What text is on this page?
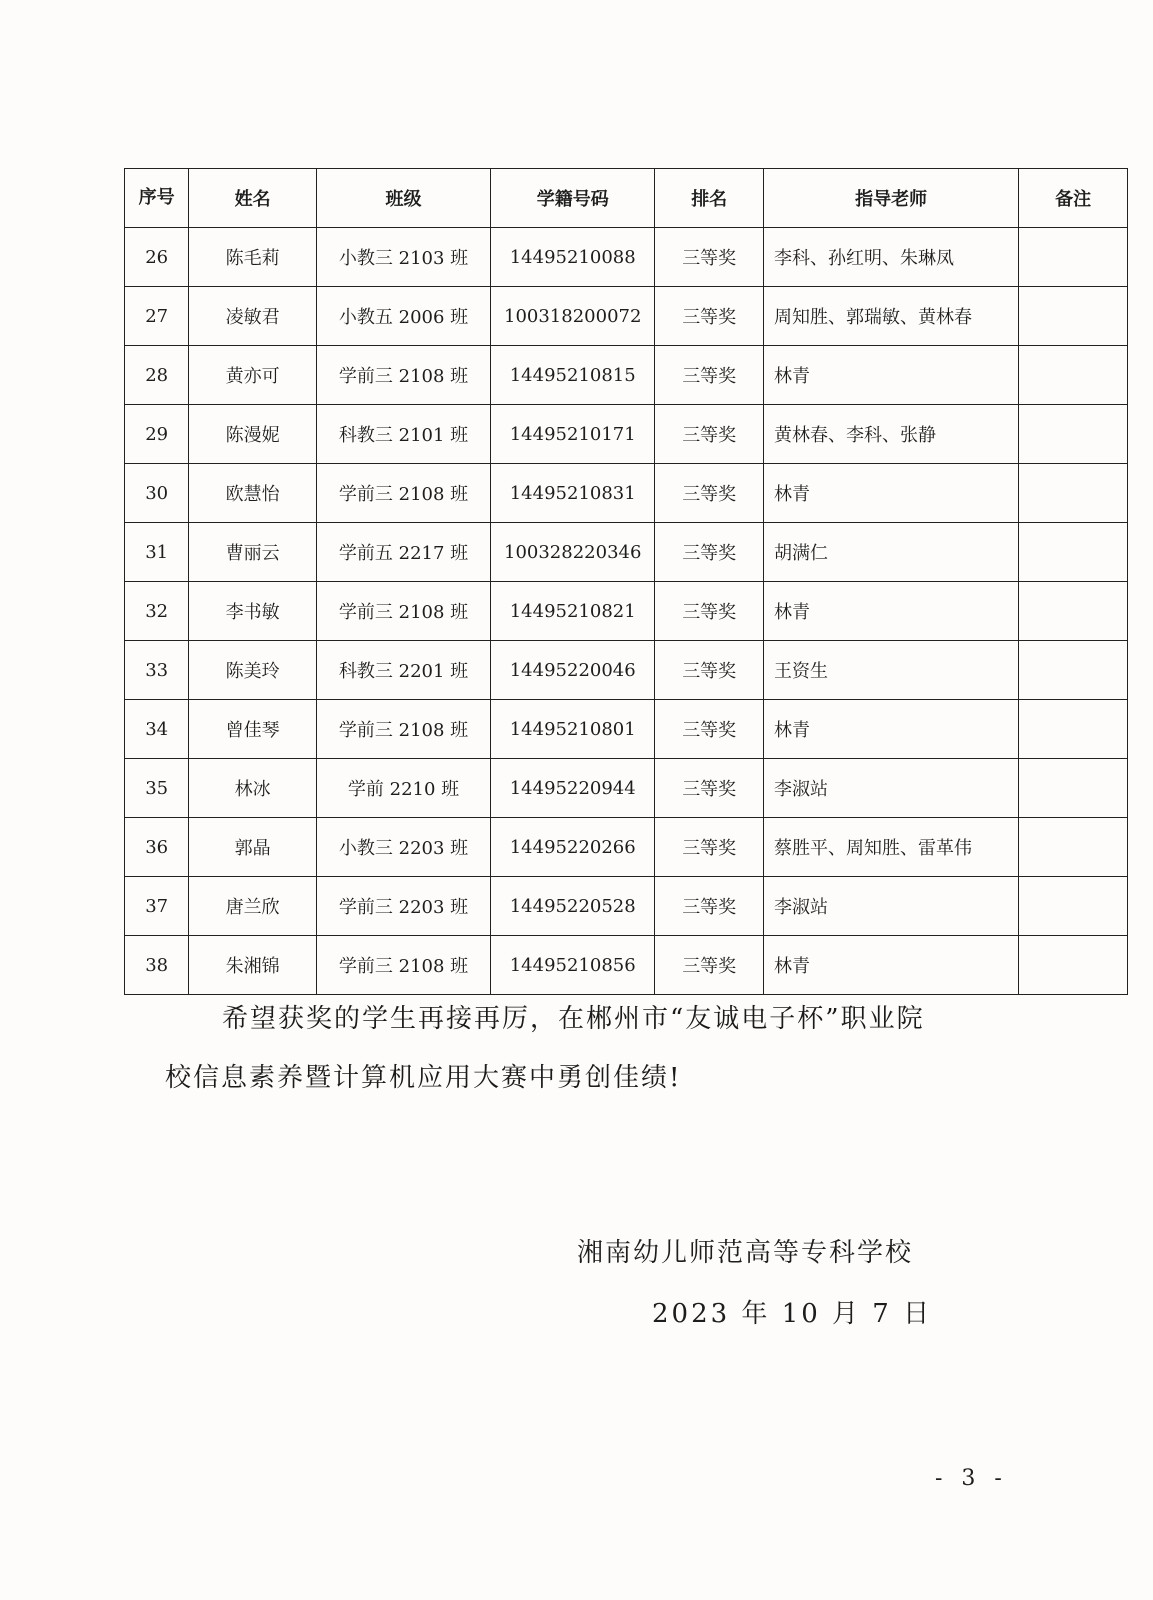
序号	姓名	班级	学籍号码	排名	指导老师	备注
26	陈毛莉	小教三 2103 班	14495210088	三等奖	李科、孙红明、朱琳凤	
27	凌敏君	小教五 2006 班	100318200072	三等奖	周知胜、郭瑞敏、黄林春	
28	黄亦可	学前三 2108 班	14495210815	三等奖	林青	
29	陈漫妮	科教三 2101 班	14495210171	三等奖	黄林春、李科、张静	
30	欧慧怡	学前三 2108 班	14495210831	三等奖	林青	
31	曹丽云	学前五 2217 班	100328220346	三等奖	胡满仁	
32	李书敏	学前三 2108 班	14495210821	三等奖	林青	
33	陈美玲	科教三 2201 班	14495220046	三等奖	王资生	
34	曾佳琴	学前三 2108 班	14495210801	三等奖	林青	
35	林冰	学前 2210 班	14495220944	三等奖	李淑站	
36	郭晶	小教三 2203 班	14495220266	三等奖	蔡胜平、周知胜、雷革伟	
37	唐兰欣	学前三 2203 班	14495220528	三等奖	李淑站	
38	朱湘锦	学前三 2108 班	14495210856	三等奖	林青	
希望获奖的学生再接再厉，在郴州市“友诚电子杯”职业院
校信息素养暨计算机应用大赛中勇创佳绩!
湘南幼儿师范高等专科学校
2023 年 10 月 7 日
- 3 -
